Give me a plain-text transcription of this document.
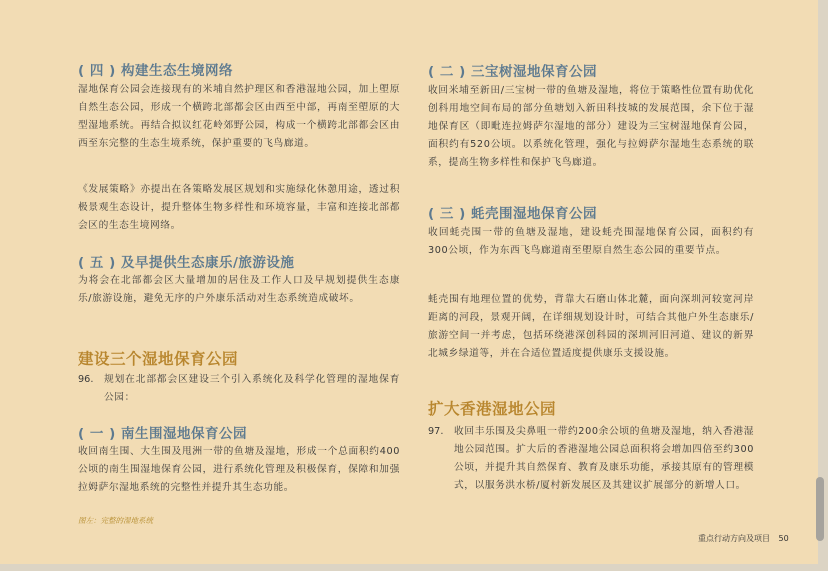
( 四 ) 构建生态生境网络

湿地保育公园会连接现有的米埔自然护理区和香港湿地公园，加上塱原自然生态公园，形成一个横跨北部都会区由西至中部，再南至塱原的大型湿地系统。再结合拟议红花岭郊野公园，构成一个横跨北部都会区由西至东完整的生态生境系统，保护重要的飞鸟廊道。

《发展策略》亦提出在各策略发展区规划和实施绿化休憩用途，透过积极景观生态设计，提升整体生物多样性和环境容量，丰富和连接北部都会区的生态生境网络。

( 五 ) 及早提供生态康乐/旅游设施

为将会在北部都会区大量增加的居住及工作人口及早规划提供生态康乐/旅游设施，避免无序的户外康乐活动对生态系统造成破坏。

建设三个湿地保育公园
96. 规划在北部都会区建设三个引入系统化及科学化管理的湿地保育公园：

( 一 ) 南生围湿地保育公园

收回南生围、大生围及甩洲一带的鱼塘及湿地，形成一个总面积约400公顷的南生围湿地保育公园，进行系统化管理及积极保育，保障和加强拉姆萨尔湿地系统的完整性并提升其生态功能。

图左：完整的湿地系统
( 二 ) 三宝树湿地保育公园

收回米埔至新田/三宝树一带的鱼塘及湿地，将位于策略性位置有助优化创科用地空间布局的部分鱼塘划入新田科技城的发展范围，余下位于湿地保育区（即毗连拉姆萨尔湿地的部分）建设为三宝树湿地保育公园，面积约有520公顷。以系统化管理，强化与拉姆萨尔湿地生态系统的联系，提高生物多样性和保护飞鸟廊道。

( 三 ) 蚝壳围湿地保育公园

收回蚝壳围一带的鱼塘及湿地，建设蚝壳围湿地保育公园，面积约有300公顷，作为东西飞鸟廊道南至塱原自然生态公园的重要节点。

蚝壳围有地理位置的优势，背靠大石磨山体北麓，面向深圳河较宽河岸距离的河段，景观开阔，在详细规划设计时，可结合其他户外生态康乐/旅游空间一并考虑，包括环绕港深创科园的深圳河旧河道、建议的新界北城乡绿道等，并在合适位置适度提供康乐支援设施。

扩大香港湿地公园
97. 收回丰乐围及尖鼻咀一带约200余公顷的鱼塘及湿地，纳入香港湿地公园范围。扩大后的香港湿地公园总面积将会增加四倍至约300公顷，并提升其自然保育、教育及康乐功能，承接其原有的管理模式，以服务洪水桥/厦村新发展区及其建议扩展部分的新增人口。

重点行动方向及项目 50
